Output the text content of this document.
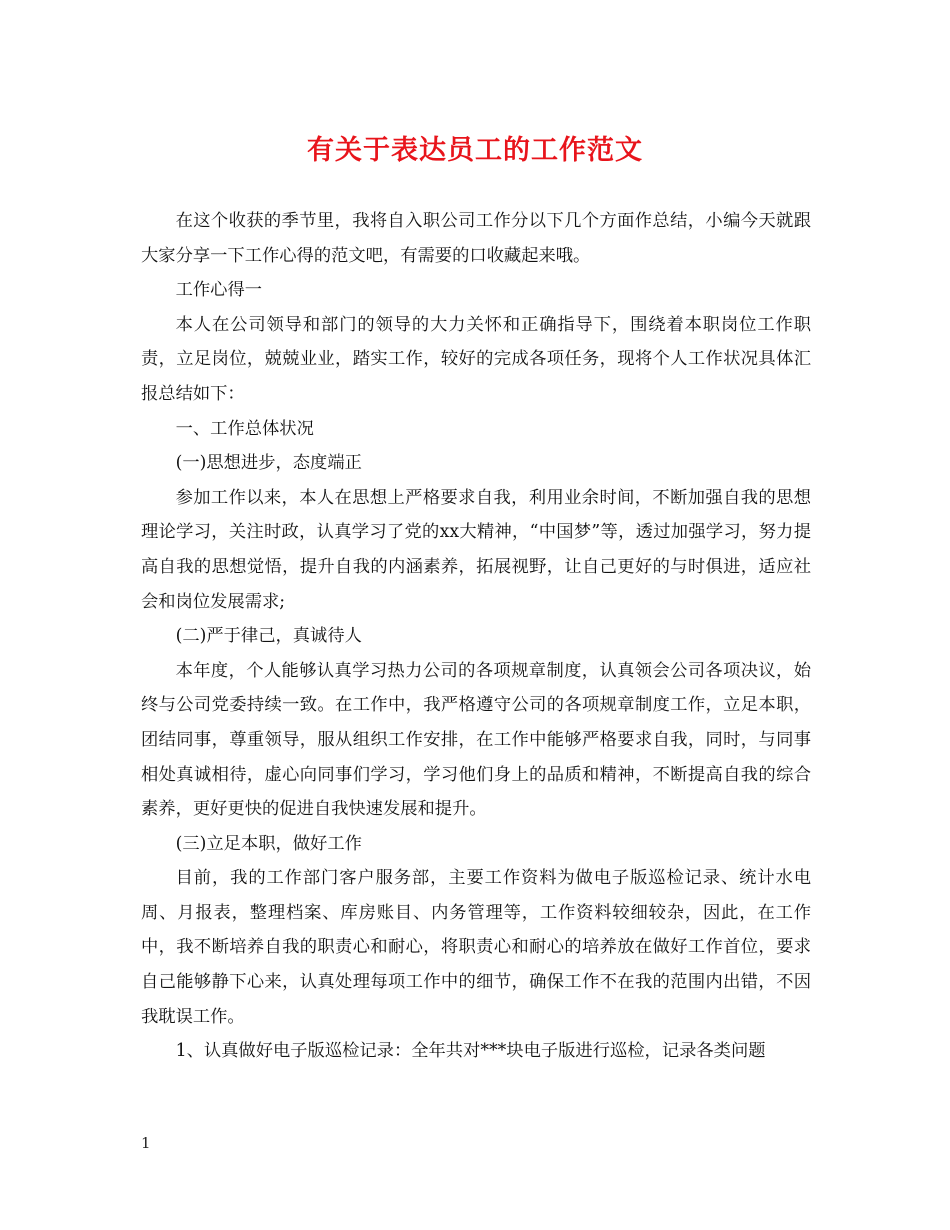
有关于表达员工的工作范文

在这个收获的季节里，我将自入职公司工作分以下几个方面作总结，小编今天就跟大家分享一下工作心得的范文吧，有需要的口收藏起来哦。

工作心得一

本人在公司领导和部门的领导的大力关怀和正确指导下，围绕着本职岗位工作职责，立足岗位，兢兢业业，踏实工作，较好的完成各项任务，现将个人工作状况具体汇报总结如下：

一、工作总体状况

(一)思想进步，态度端正

参加工作以来，本人在思想上严格要求自我，利用业余时间，不断加强自我的思想理论学习，关注时政，认真学习了党的xx大精神，“中国梦”等，透过加强学习，努力提高自我的思想觉悟，提升自我的内涵素养，拓展视野，让自己更好的与时俱进，适应社会和岗位发展需求;

(二)严于律己，真诚待人

本年度，个人能够认真学习热力公司的各项规章制度，认真领会公司各项决议，始终与公司党委持续一致。在工作中，我严格遵守公司的各项规章制度工作，立足本职，团结同事，尊重领导，服从组织工作安排，在工作中能够严格要求自我，同时，与同事相处真诚相待，虚心向同事们学习，学习他们身上的品质和精神，不断提高自我的综合素养，更好更快的促进自我快速发展和提升。

(三)立足本职，做好工作

目前，我的工作部门客户服务部，主要工作资料为做电子版巡检记录、统计水电周、月报表，整理档案、库房账目、内务管理等，工作资料较细较杂，因此，在工作中，我不断培养自我的职责心和耐心，将职责心和耐心的培养放在做好工作首位，要求自己能够静下心来，认真处理每项工作中的细节，确保工作不在我的范围内出错，不因我耽误工作。

1、认真做好电子版巡检记录：全年共对***块电子版进行巡检，记录各类问题

1
